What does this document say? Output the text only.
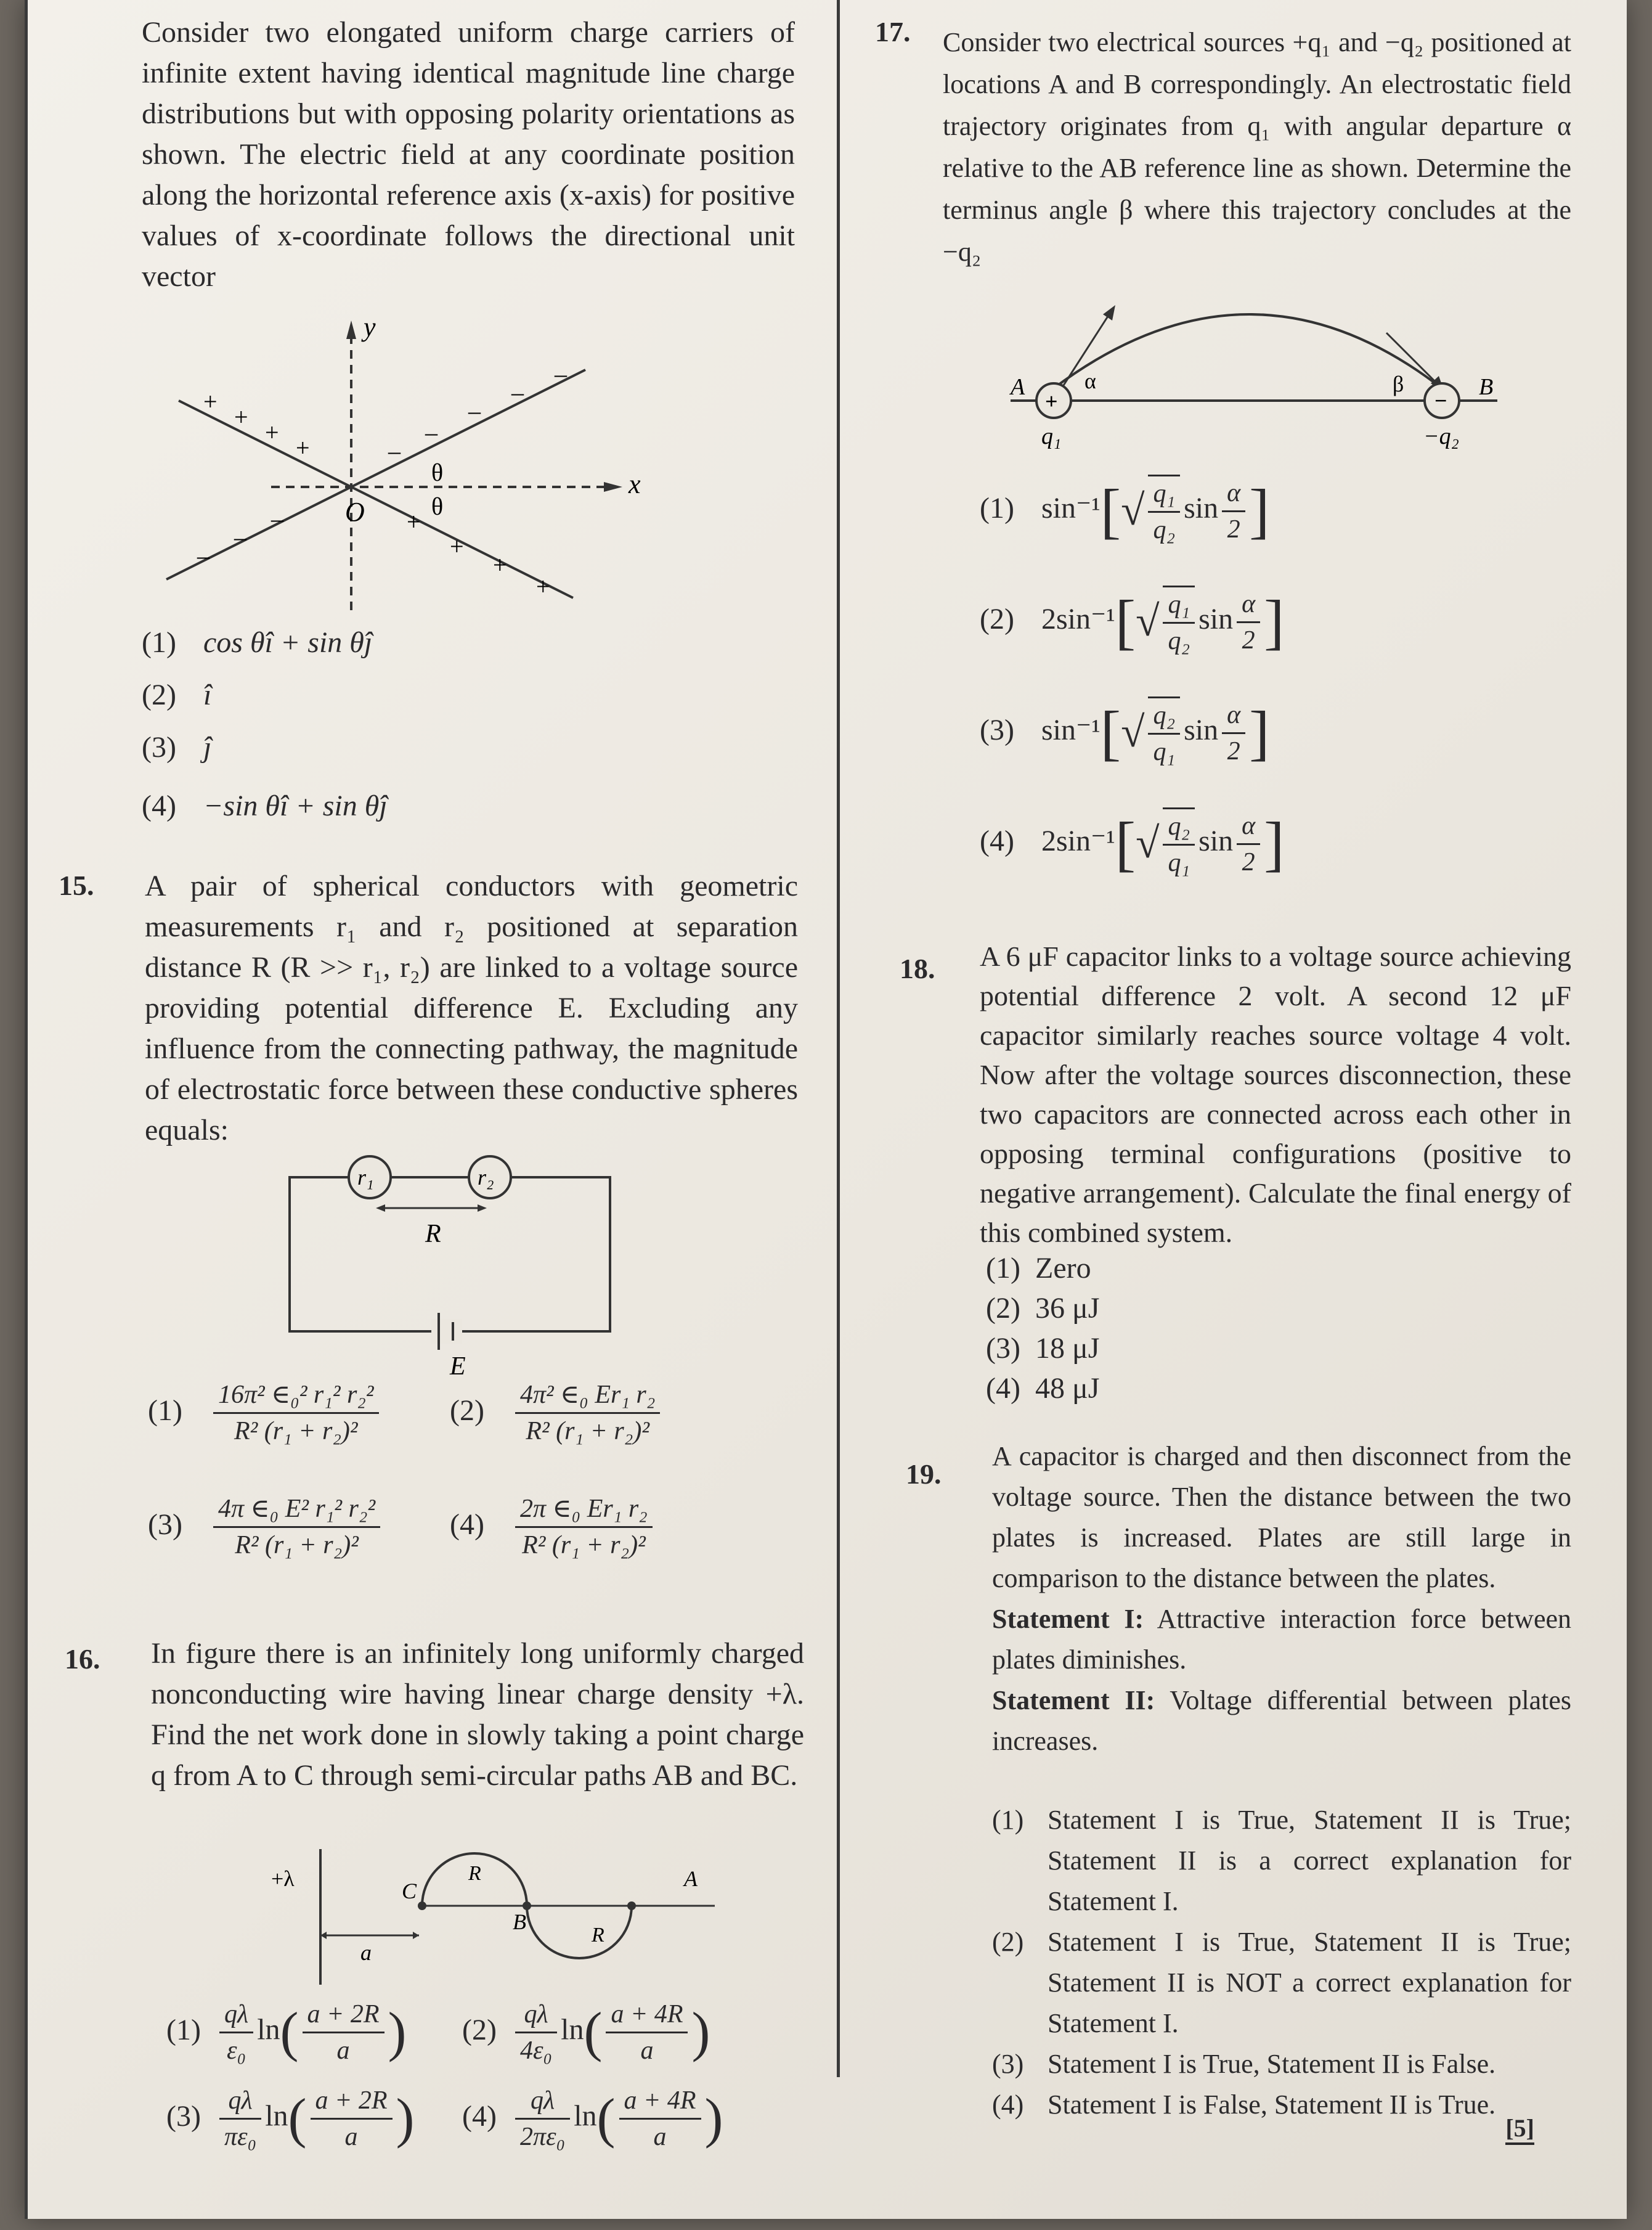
Consider two elongated uniform charge carriers of infinite extent having identical magnitude line charge distributions but with opposing polarity orientations as shown. The electric field at any coordinate position along the horizontal reference axis (x-axis) for positive values of x-coordinate follows the directional unit vector
y
x
O
θ
θ
+
+
+
+
+
+
+
+
–
–
–
–
–
–
–
–
(1) cos θî + sin θĵ
(2) î
(3) ĵ
(4) −sin θî + sin θĵ
15. A pair of spherical conductors with geometric measurements r₁ and r₂ positioned at separation distance R (R >> r₁, r₂) are linked to a voltage source providing potential difference E. Excluding any influence from the connecting pathway, the magnitude of electrostatic force between these conductive spheres equals:
r₁	r₂
R
E
$(1) \frac{\text{16π² ∈₀² r₁² r₂²}}{\text{R² (r₁ + r₂)²}} (2) \frac{\text{4π² ∈₀ Er₁ r₂}}{\text{R² (r₁ + r₂)²}}$
$(3) \frac{\text{4π ∈₀ E² r₁² r₂²}}{\text{R² (r₁ + r₂)²}} (4) \frac{\text{2π ∈₀ Er₁ r₂}}{\text{R² (r₁ + r₂)²}}$
16. In figure there is an infinitely long uniformly charged nonconducting wire having linear charge density +λ. Find the net work done in slowly taking a point charge q from A to C through semi-circular paths AB and BC.
+λ
a
C
B
A
R
R
$(1) \frac{q\lambda}{\text{ε₀}} \ln( \frac{a + 2R}{a}$ ) $(2) \frac{q\lambda}{\text{4ε₀}} \ln( \frac{a + 4R}{a}$ )
$(3) \frac{q\lambda}{\text{πε₀}} \ln( \frac{a + 2R}{a}$ ) $(4) \frac{q\lambda}{\text{2πε₀}} \ln( \frac{a + 4R}{a}$ )
17. Consider two electrical sources +q₁ and −q₂ positioned at locations A and B correspondingly. An electrostatic field trajectory originates from q₁ with angular departure α relative to the AB reference line as shown. Determine the terminus angle β where this trajectory concludes at the −q₂
+	−
A	B
α	β
q₁	−q₂
(1) $\sin^{-1}[√ \frac{\text{q₁}}{\text{q₂}}$ $\sin \frac{\alpha}{2}$ ]
(2) $2\sin^{-1}[√ \frac{\text{q₁}}{\text{q₂}}$ $\sin \frac{\alpha}{2}$ ]
(3) $\sin^{-1}[√ \frac{\text{q₂}}{\text{q₁}}$ $\sin \frac{\alpha}{2}$ ]
(4) $2\sin^{-1}[√ \frac{\text{q₂}}{\text{q₁}}$ $\sin \frac{\alpha}{2}$ ]
18. A 6 μF capacitor links to a voltage source achieving potential difference 2 volt. A second 12 μF capacitor similarly reaches source voltage 4 volt. Now after the voltage sources disconnection, these two capacitors are connected across each other in opposing terminal configurations (positive to negative arrangement). Calculate the final energy of this combined system.
(1) Zero
(2) 36 μJ
(3) 18 μJ
(4) 48 μJ
19.

A capacitor is charged and then disconnect from the voltage source. Then the distance between the two plates is increased. Plates are still large in comparison to the distance between the plates.

Statement I: Attractive interaction force between plates diminishes.

Statement II: Voltage differential between plates increases.

(1) Statement I is True, Statement II is True; Statement II is a correct explanation for Statement I.
(2) Statement I is True, Statement II is True; Statement II is NOT a correct explanation for Statement I.
(3) Statement I is True, Statement II is False.
(4) Statement I is False, Statement II is True.
[5]
